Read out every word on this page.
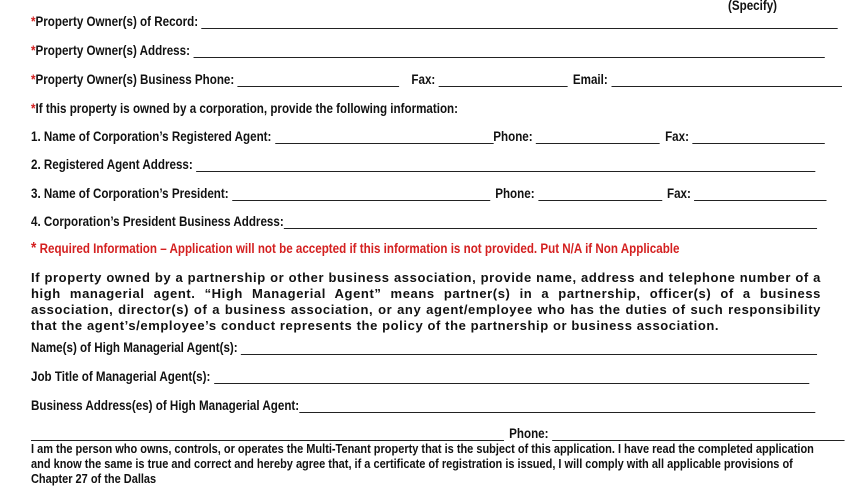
(Specify)
* Property Owner(s) of Record:
* Property Owner(s) Address:
* Property Owner(s) Business Phone:	Fax:	Email:
* If this property is owned by a corporation, provide the following information:
1. Name of Corporation’s Registered Agent:	Phone:	Fax:
2. Registered Agent Address:
3. Name of Corporation’s President:	Phone:	Fax:
4. Corporation’s President Business Address:
* Required Information – Application will not be accepted if this information is not provided. Put N/A if Non Applicable
If property owned by a partnership or other business association, provide name, address and telephone number of a high managerial agent. “High Managerial Agent” means partner(s) in a partnership, officer(s) of a business association, director(s) of a business association, or any agent/employee who has the duties of such responsibility that the agent’s/employee’s conduct represents the policy of the partnership or business association.
Name(s) of High Managerial Agent(s):
Job Title of Managerial Agent(s):
Business Address(es) of High Managerial Agent:
Phone:
I am the person who owns, controls, or operates the Multi-Tenant property that is the subject of this application. I have read the completed application and know the same is true and correct and hereby agree that, if a certificate of registration is issued, I will comply with all applicable provisions of Chapter 27 of the Dallas
